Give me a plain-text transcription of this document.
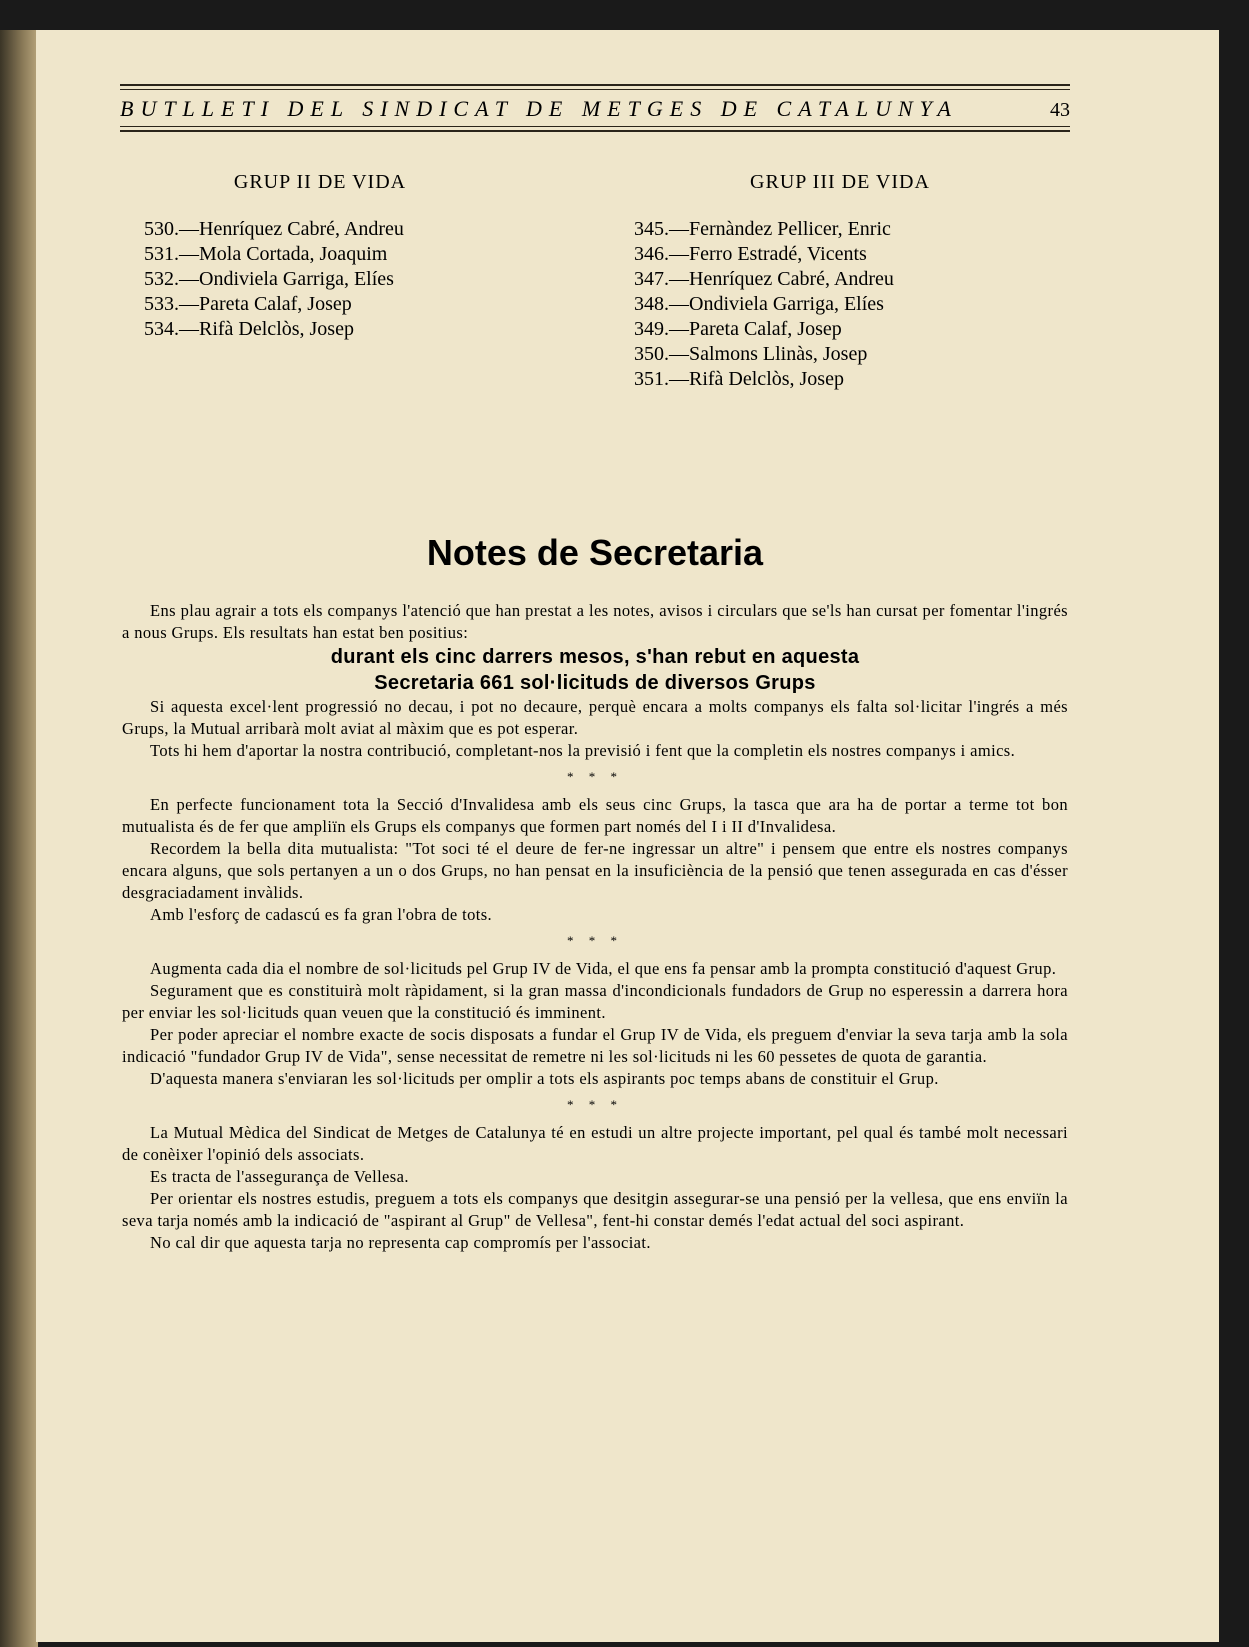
BUTLLETI DEL SINDICAT DE METGES DE CATALUNYA	43
GRUP II DE VIDA
530.—Henríquez Cabré, Andreu
531.—Mola Cortada, Joaquim
532.—Ondiviela Garriga, Elíes
533.—Pareta Calaf, Josep
534.—Rifà Delclòs, Josep
GRUP III DE VIDA
345.—Fernàndez Pellicer, Enric
346.—Ferro Estradé, Vicents
347.—Henríquez Cabré, Andreu
348.—Ondiviela Garriga, Elíes
349.—Pareta Calaf, Josep
350.—Salmons Llinàs, Josep
351.—Rifà Delclòs, Josep
Notes de Secretaria

Ens plau agrair a tots els companys l'atenció que han prestat a les notes, avisos i circulars que se'ls han cursat per fomentar l'ingrés a nous Grups. Els resultats han estat ben positius:

durant els cinc darrers mesos, s'han rebut en aquesta

Secretaria 661 sol·licituds de diversos Grups

Si aquesta excel·lent progressió no decau, i pot no decaure, perquè encara a molts companys els falta sol·licitar l'ingrés a més Grups, la Mutual arribarà molt aviat al màxim que es pot esperar.

Tots hi hem d'aportar la nostra contribució, completant-nos la previsió i fent que la completin els nostres companys i amics.

* * *

En perfecte funcionament tota la Secció d'Invalidesa amb els seus cinc Grups, la tasca que ara ha de portar a terme tot bon mutualista és de fer que ampliïn els Grups els companys que formen part només del I i II d'Invalidesa.

Recordem la bella dita mutualista: "Tot soci té el deure de fer-ne ingressar un altre" i pensem que entre els nostres companys encara alguns, que sols pertanyen a un o dos Grups, no han pensat en la insuficiència de la pensió que tenen assegurada en cas d'ésser desgraciadament invàlids.

Amb l'esforç de cadascú es fa gran l'obra de tots.

* * *

Augmenta cada dia el nombre de sol·licituds pel Grup IV de Vida, el que ens fa pensar amb la prompta constitució d'aquest Grup.

Segurament que es constituirà molt ràpidament, si la gran massa d'incondicionals fundadors de Grup no esperessin a darrera hora per enviar les sol·licituds quan veuen que la constitució és imminent.

Per poder apreciar el nombre exacte de socis disposats a fundar el Grup IV de Vida, els preguem d'enviar la seva tarja amb la sola indicació "fundador Grup IV de Vida", sense necessitat de remetre ni les sol·licituds ni les 60 pessetes de quota de garantia.

D'aquesta manera s'enviaran les sol·licituds per omplir a tots els aspirants poc temps abans de constituir el Grup.

* * *

La Mutual Mèdica del Sindicat de Metges de Catalunya té en estudi un altre projecte important, pel qual és també molt necessari de conèixer l'opinió dels associats.

Es tracta de l'assegurança de Vellesa.

Per orientar els nostres estudis, preguem a tots els companys que desitgin assegurar-se una pensió per la vellesa, que ens enviïn la seva tarja només amb la indicació de "aspirant al Grup" de Vellesa", fent-hi constar demés l'edat actual del soci aspirant.

No cal dir que aquesta tarja no representa cap compromís per l'associat.
